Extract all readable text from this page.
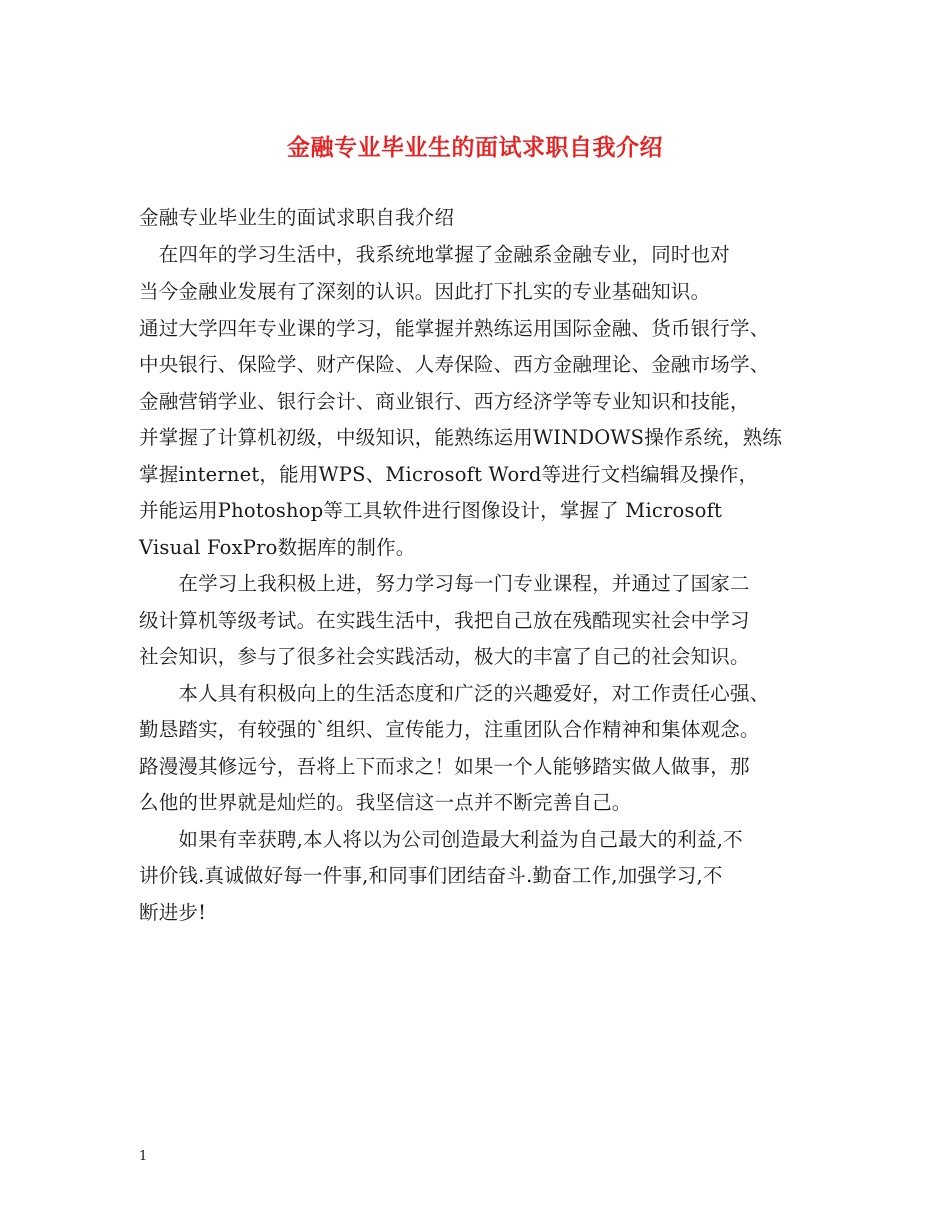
金融专业毕业生的面试求职自我介绍
金融专业毕业生的面试求职自我介绍
　在四年的学习生活中，我系统地掌握了金融系金融专业，同时也对
当今金融业发展有了深刻的认识。因此打下扎实的专业基础知识。
通过大学四年专业课的学习，能掌握并熟练运用国际金融、货币银行学、
中央银行、保险学、财产保险、人寿保险、西方金融理论、金融市场学、
金融营销学业、银行会计、商业银行、西方经济学等专业知识和技能，
并掌握了计算机初级，中级知识，能熟练运用WINDOWS操作系统，熟练
掌握internet，能用WPS、Microsoft Word等进行文档编辑及操作，
并能运用Photoshop等工具软件进行图像设计，掌握了 Microsoft
Visual FoxPro数据库的制作。
　　在学习上我积极上进，努力学习每一门专业课程，并通过了国家二
级计算机等级考试。在实践生活中，我把自己放在残酷现实社会中学习
社会知识，参与了很多社会实践活动，极大的丰富了自己的社会知识。
　　本人具有积极向上的生活态度和广泛的兴趣爱好，对工作责任心强、
勤恳踏实，有较强的`组织、宣传能力，注重团队合作精神和集体观念。
路漫漫其修远兮，吾将上下而求之！如果一个人能够踏实做人做事，那
么他的世界就是灿烂的。我坚信这一点并不断完善自己。
　　如果有幸获聘,本人将以为公司创造最大利益为自己最大的利益,不
讲价钱.真诚做好每一件事,和同事们团结奋斗.勤奋工作,加强学习,不
断进步!
1
